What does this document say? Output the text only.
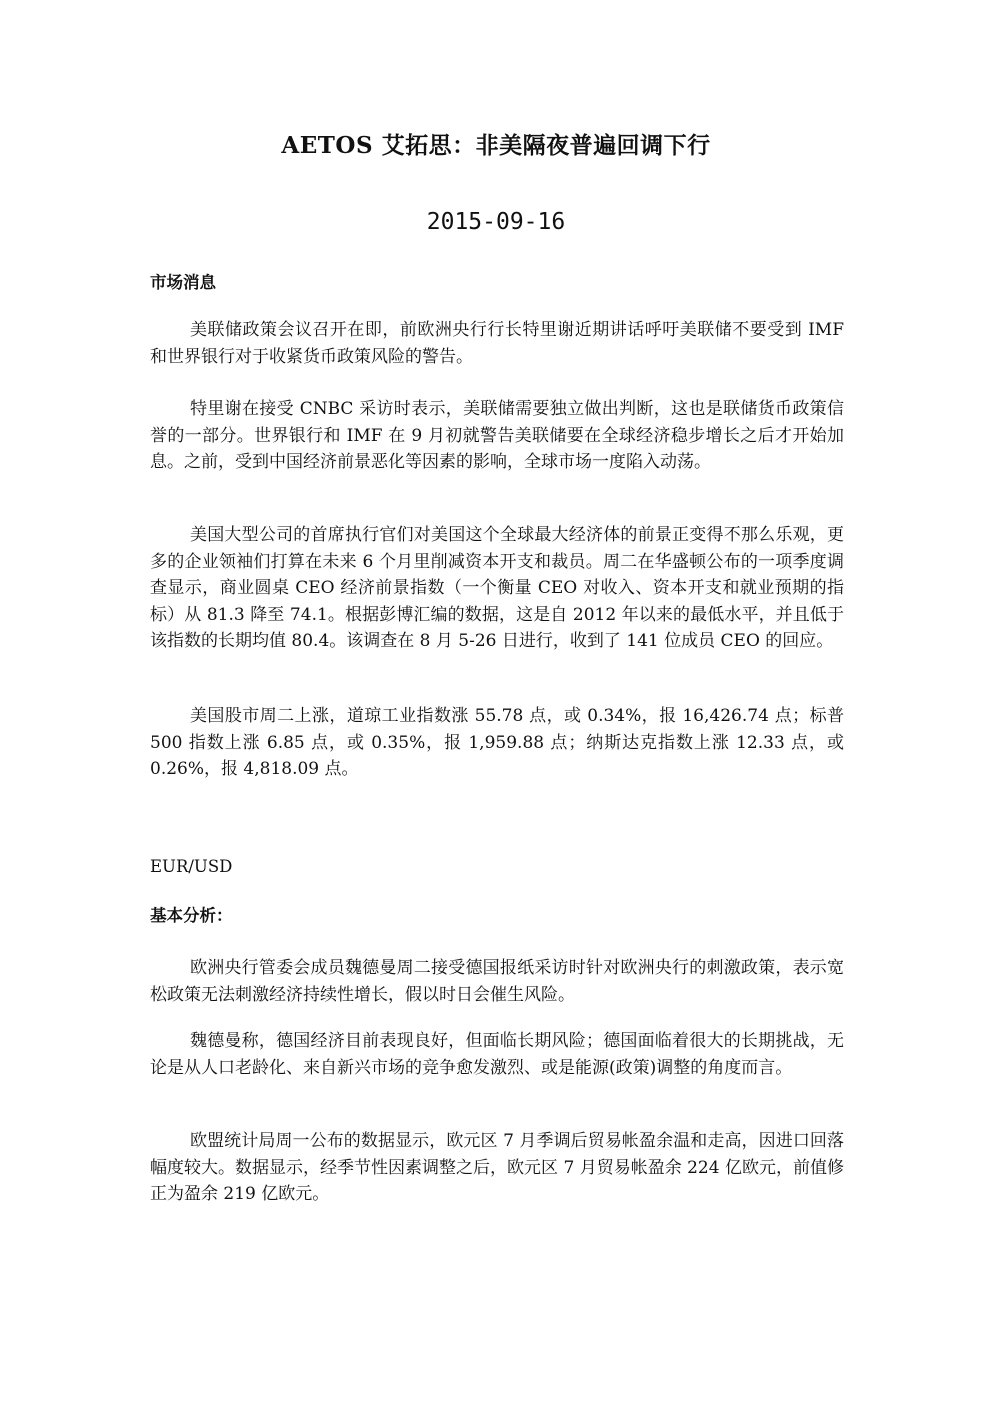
AETOS 艾拓思：非美隔夜普遍回调下行
2015-09-16
市场消息

美联储政策会议召开在即，前欧洲央行行长特里谢近期讲话呼吁美联储不要受到 IMF 和世界银行对于收紧货币政策风险的警告。

特里谢在接受 CNBC 采访时表示，美联储需要独立做出判断，这也是联储货币政策信誉的一部分。世界银行和 IMF 在 9 月初就警告美联储要在全球经济稳步增长之后才开始加息。之前，受到中国经济前景恶化等因素的影响，全球市场一度陷入动荡。

美国大型公司的首席执行官们对美国这个全球最大经济体的前景正变得不那么乐观，更多的企业领袖们打算在未来 6 个月里削减资本开支和裁员。周二在华盛顿公布的一项季度调查显示，商业圆桌 CEO 经济前景指数（一个衡量 CEO 对收入、资本开支和就业预期的指标）从 81.3 降至 74.1。根据彭博汇编的数据，这是自 2012 年以来的最低水平，并且低于该指数的长期均值 80.4。该调查在 8 月 5-26 日进行，收到了 141 位成员 CEO 的回应。

美国股市周二上涨，道琼工业指数涨 55.78 点，或 0.34%，报 16,426.74 点；标普 500 指数上涨 6.85 点，或 0.35%，报 1,959.88 点；纳斯达克指数上涨 12.33 点，或 0.26%，报 4,818.09 点。

EUR/USD
基本分析：

欧洲央行管委会成员魏德曼周二接受德国报纸采访时针对欧洲央行的刺激政策，表示宽松政策无法刺激经济持续性增长，假以时日会催生风险。

魏德曼称，德国经济目前表现良好，但面临长期风险；德国面临着很大的长期挑战，无论是从人口老龄化、来自新兴市场的竞争愈发激烈、或是能源(政策)调整的角度而言。

欧盟统计局周一公布的数据显示，欧元区 7 月季调后贸易帐盈余温和走高，因进口回落幅度较大。数据显示，经季节性因素调整之后，欧元区 7 月贸易帐盈余 224 亿欧元，前值修正为盈余 219 亿欧元。
